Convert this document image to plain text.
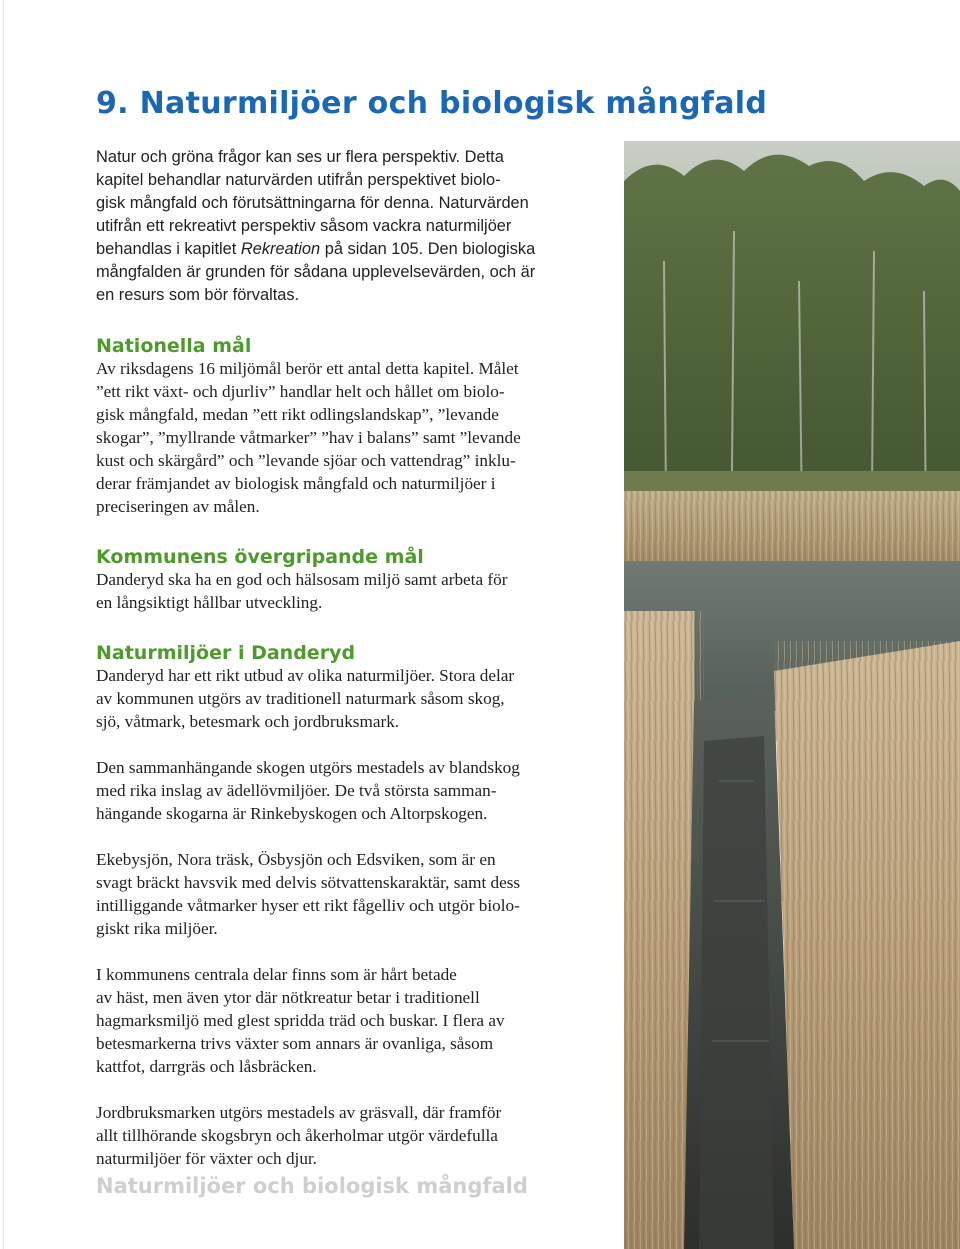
9. Naturmiljöer och biologisk mångfald

Natur och gröna frågor kan ses ur flera perspektiv. Detta
kapitel behandlar naturvärden utifrån perspektivet biolo-
gisk mångfald och förutsättningarna för denna. Naturvärden
utifrån ett rekreativt perspektiv såsom vackra naturmiljöer
behandlas i kapitlet Rekreation på sidan 105. Den biologiska
mångfalden är grunden för sådana upplevelsevärden, och är
en resurs som bör förvaltas.

Nationella mål

Av riksdagens 16 miljömål berör ett antal detta kapitel. Målet
”ett rikt växt- och djurliv” handlar helt och hållet om biolo-
gisk mångfald, medan ”ett rikt odlingslandskap”, ”levande
skogar”, ”myllrande våtmarker” ”hav i balans” samt ”levande
kust och skärgård” och ”levande sjöar och vattendrag” inklu-
derar främjandet av biologisk mångfald och naturmiljöer i
preciseringen av målen.

Kommunens övergripande mål

Danderyd ska ha en god och hälsosam miljö samt arbeta för
en långsiktigt hållbar utveckling.

Naturmiljöer i Danderyd

Danderyd har ett rikt utbud av olika naturmiljöer. Stora delar
av kommunen utgörs av traditionell naturmark såsom skog,
sjö, våtmark, betesmark och jordbruksmark.

Den sammanhängande skogen utgörs mestadels av blandskog
med rika inslag av ädellövmiljöer. De två största samman-
hängande skogarna är Rinkebyskogen och Altorpskogen.

Ekebysjön, Nora träsk, Ösbysjön och Edsviken, som är en
svagt bräckt havsvik med delvis sötvattenskaraktär, samt dess
intilliggande våtmarker hyser ett rikt fågelliv och utgör biolo-
giskt rika miljöer.

I kommunens centrala delar finns som är hårt betade
av häst, men även ytor där nötkreatur betar i traditionell
hagmarksmiljö med glest spridda träd och buskar. I flera av
betesmarkerna trivs växter som annars är ovanliga, såsom
kattfot, darrgräs och låsbräcken.

Jordbruksmarken utgörs mestadels av gräsvall, där framför
allt tillhörande skogsbryn och åkerholmar utgör värdefulla
naturmiljöer för växter och djur.

Naturmiljöer och biologisk mångfald
